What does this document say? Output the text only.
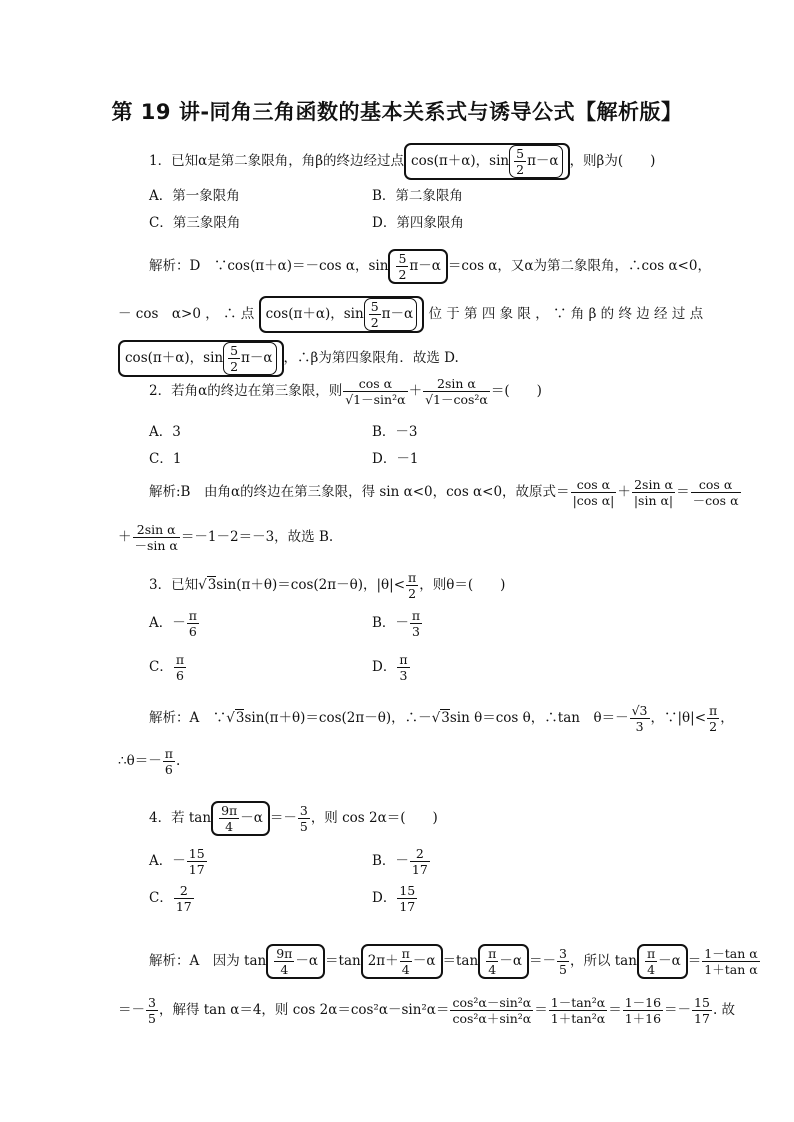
第 19 讲-同角三角函数的基本关系式与诱导公式【解析版】
1．已知α是第二象限角，角β的终边经过点 cos(π＋α)，$\sin \frac{5}{2} \pi-\alpha$ ，则β为(　　)
A．第一象限角	B．第二象限角
C．第三象限角	D．第四象限角
解析：D　∵cos(π＋α)＝－cos α，$\sin \frac{5}{2} \pi-\alpha =\cos$ α，又α为第二象限角，∴cos α<0，
－ cos　α>0 ， ∴ 点 cos(π＋α)，$\sin \frac{5}{2} \pi-\alpha$ 位 于 第 四 象 限 ， ∵ 角 β 的 终 边 经 过 点
cos(π＋α)，$\sin \frac{5}{2} \pi-\alpha$ ，∴β为第四象限角．故选 D.
2．若角α的终边在第三象限，则 $\frac{\text{cos α}}{\text{√1－sin²α}} + \frac{\text{2sin α}}{\text{√1－cos²α}}$ ＝(　　)
A．3	B．－3
C．1	D．－1
解析:B　由角α的终边在第三象限，得 sin α<0，cos α<0，故原式＝ $\frac{\text{cos α}}{\text{|cos α|}} + \frac{\text{2sin α}}{\text{|sin α|}} = \frac{\text{cos α}}{\text{－cos α}}$
＋ $\frac{\text{2sin α}}{\text{－sin α}} =-1-2=-3$，故选 B.
3．已知√3sin(π＋θ)＝cos(2π－θ)，$|\theta|< \frac{\pi}{2}$ ，则θ＝(　　)
A．－ $\frac{\pi}{6}$	B．－ $\frac{\pi}{3}$
C． $\frac{\pi}{6}$	D． $\frac{\pi}{3}$
解析：A　∵√3sin(π＋θ)＝cos(2π－θ)，∴－√3sin θ＝cos θ，∴tan　$\theta=- \frac{√3}{3}$ ，∵|θ|< $\frac{\pi}{2}$ ，
∴θ＝－ $\frac{\pi}{6}$ .
4．若 $\tan \frac{9\pi}{4} -\alpha =- \frac{3}{5}$ ，则 cos 2α＝(　　)
A．－ $\frac{15}{17}$	B．－ $\frac{2}{17}$
C． $\frac{2}{17}$	D． $\frac{15}{17}$
解析：A　因为 $\tan \frac{9\pi}{4} -\alpha =\tan$ $2\pi+ \frac{\pi}{4} -\alpha =\tan \frac{\pi}{4} -\alpha =- \frac{3}{5}$ ，所以 $\tan \frac{\pi}{4} -\alpha = \frac{\text{1－tan α}}{\text{1＋tan α}}$
＝－ $\frac{3}{5}$ ，解得 tan α＝4，则 $\cos 2\alpha=\cos^2\alpha-\sin^2\alpha= \frac{\text{cos²α－sin²α}}{\text{cos²α＋sin²α}} = \frac{\text{1－tan²α}}{\text{1＋tan²α}} = \frac{1-16}{1+16} =- \frac{15}{17}$ . 故
